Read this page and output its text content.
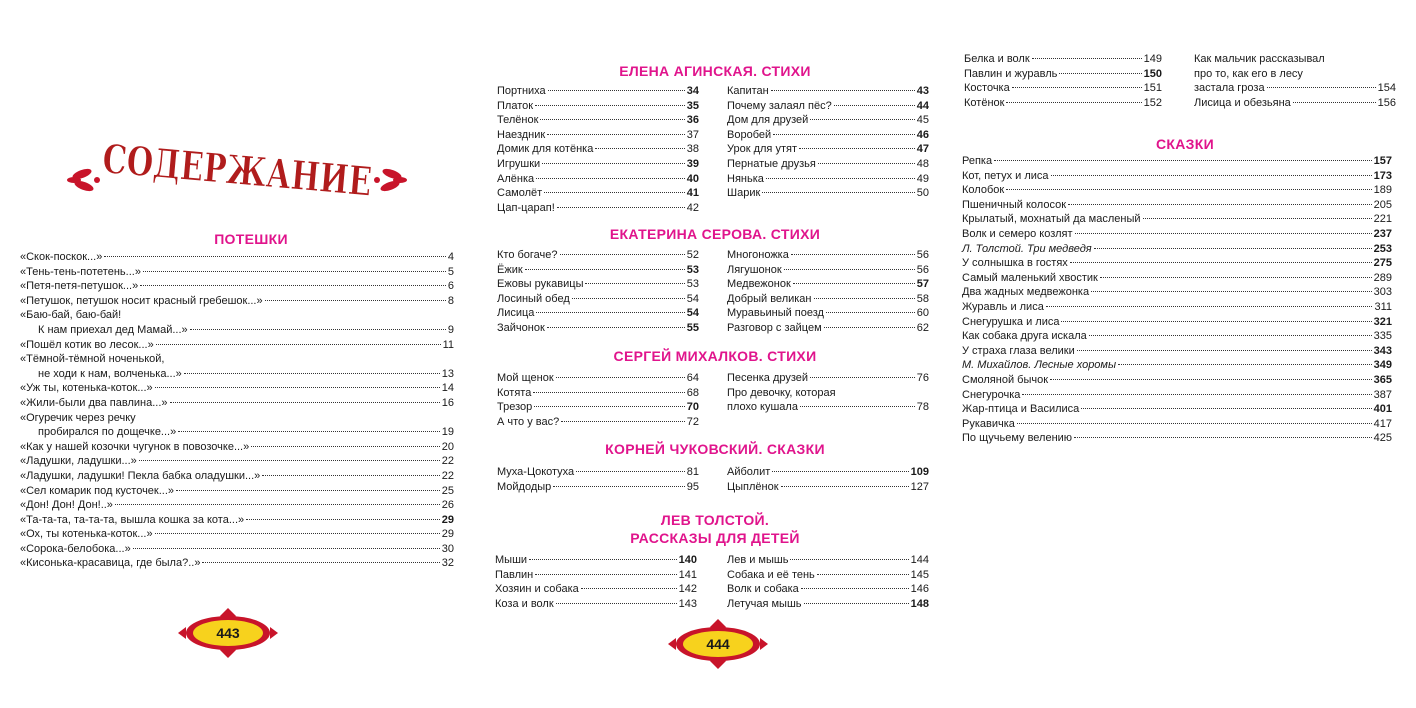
СОДЕРЖАНИЕ
ПОТЕШКИ
«Скок-поскок...»	4
«Тень-тень-потетень...»	5
«Петя-петя-петушок...»	6
«Петушок, петушок носит красный гребешок...»	8
«Баю-бай, баю-бай!
К нам приехал дед Мамай...»	9
«Пошёл котик во лесок...»	11
«Тёмной-тёмной ноченькой,
не ходи к нам, волченька...»	13
«Уж ты, котенька-коток...»	14
«Жили-были два павлина...»	16
«Огуречик через речку
пробирался по дощечке...»	19
«Как у нашей козочки чугунок в повозочке...»	20
«Ладушки, ладушки...»	22
«Ладушки, ладушки! Пекла бабка оладушки...»	22
«Сел комарик под кусточек...»	25
«Дон! Дон! Дон!..»	26
«Та-та-та, та-та-та, вышла кошка за кота...»	29
«Ох, ты котенька-коток...»	29
«Сорока-белобока...»	30
«Кисонька-красавица, где была?..»	32
443
ЕЛЕНА АГИНСКАЯ. СТИХИ
Портниха	34
Платок	35
Телёнок	36
Наездник	37
Домик для котёнка	38
Игрушки	39
Алёнка	40
Самолёт	41
Цап-царап!	42
Капитан	43
Почему залаял пёс?	44
Дом для друзей	45
Воробей	46
Урок для утят	47
Пернатые друзья	48
Нянька	49
Шарик	50
ЕКАТЕРИНА СЕРОВА. СТИХИ
Кто богаче?	52
Ёжик	53
Ежовы рукавицы	53
Лосиный обед	54
Лисица	54
Зайчонок	55
Многоножка	56
Лягушонок	56
Медвежонок	57
Добрый великан	58
Муравьиный поезд	60
Разговор с зайцем	62
СЕРГЕЙ МИХАЛКОВ. СТИХИ
Мой щенок	64
Котята	68
Трезор	70
А что у вас?	72
Песенка друзей	76
Про девочку, которая
плохо кушала	78
КОРНЕЙ ЧУКОВСКИЙ. СКАЗКИ
Муха-Цокотуха	81
Мойдодыр	95
Айболит	109
Цыплёнок	127
ЛЕВ ТОЛСТОЙ.
РАССКАЗЫ ДЛЯ ДЕТЕЙ
Мыши	140
Павлин	141
Хозяин и собака	142
Коза и волк	143
Лев и мышь	144
Собака и её тень	145
Волк и собака	146
Летучая мышь	148
444
Белка и волк	149
Павлин и журавль	150
Косточка	151
Котёнок	152
Как мальчик рассказывал
про то, как его в лесу
застала гроза	154
Лисица и обезьяна	156
СКАЗКИ
Репка	157
Кот, петух и лиса	173
Колобок	189
Пшеничный колосок	205
Крылатый, мохнатый да масленый	221
Волк и семеро козлят	237
Л. Толстой. Три медведя	253
У солнышка в гостях	275
Самый маленький хвостик	289
Два жадных медвежонка	303
Журавль и лиса	311
Снегурушка и лиса	321
Как собака друга искала	335
У страха глаза велики	343
М. Михайлов. Лесные хоромы	349
Смоляной бычок	365
Снегурочка	387
Жар-птица и Василиса	401
Рукавичка	417
По щучьему велению	425
